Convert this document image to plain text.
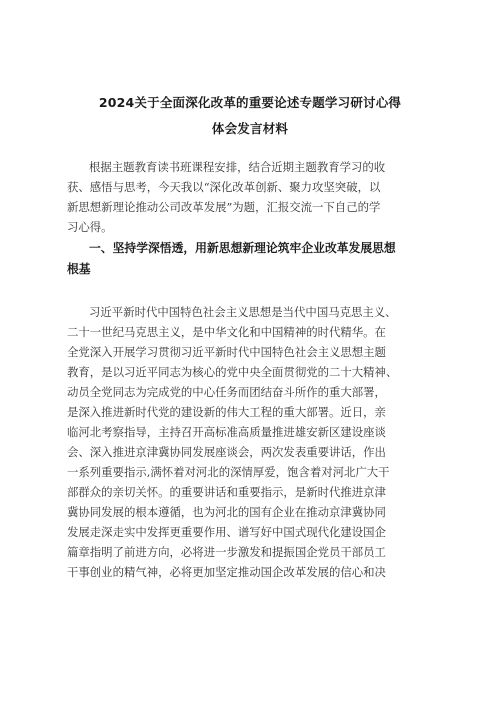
2024关于全面深化改革的重要论述专题学习研讨心得
体会发言材料
根据主题教育读书班课程安排，结合近期主题教育学习的收
获、感悟与思考，今天我以“深化改革创新、聚力攻坚突破，以
新思想新理论推动公司改革发展”为题，汇报交流一下自己的学
习心得。
一、坚持学深悟透，用新思想新理论筑牢企业改革发展思想
根基
习近平新时代中国特色社会主义思想是当代中国马克思主义、
二十一世纪马克思主义，是中华文化和中国精神的时代精华。在
全党深入开展学习贯彻习近平新时代中国特色社会主义思想主题
教育，是以习近平同志为核心的党中央全面贯彻党的二十大精神、
动员全党同志为完成党的中心任务而团结奋斗所作的重大部署，
是深入推进新时代党的建设新的伟大工程的重大部署。近日，亲
临河北考察指导，主持召开高标准高质量推进雄安新区建设座谈
会、深入推进京津冀协同发展座谈会，两次发表重要讲话，作出
一系列重要指示,满怀着对河北的深情厚爱，饱含着对河北广大干
部群众的亲切关怀。的重要讲话和重要指示，是新时代推进京津
冀协同发展的根本遵循，也为河北的国有企业在推动京津冀协同
发展走深走实中发挥更重要作用、谱写好中国式现代化建设国企
篇章指明了前进方向，必将进一步激发和提振国企党员干部员工
干事创业的精气神，必将更加坚定推动国企改革发展的信心和决
